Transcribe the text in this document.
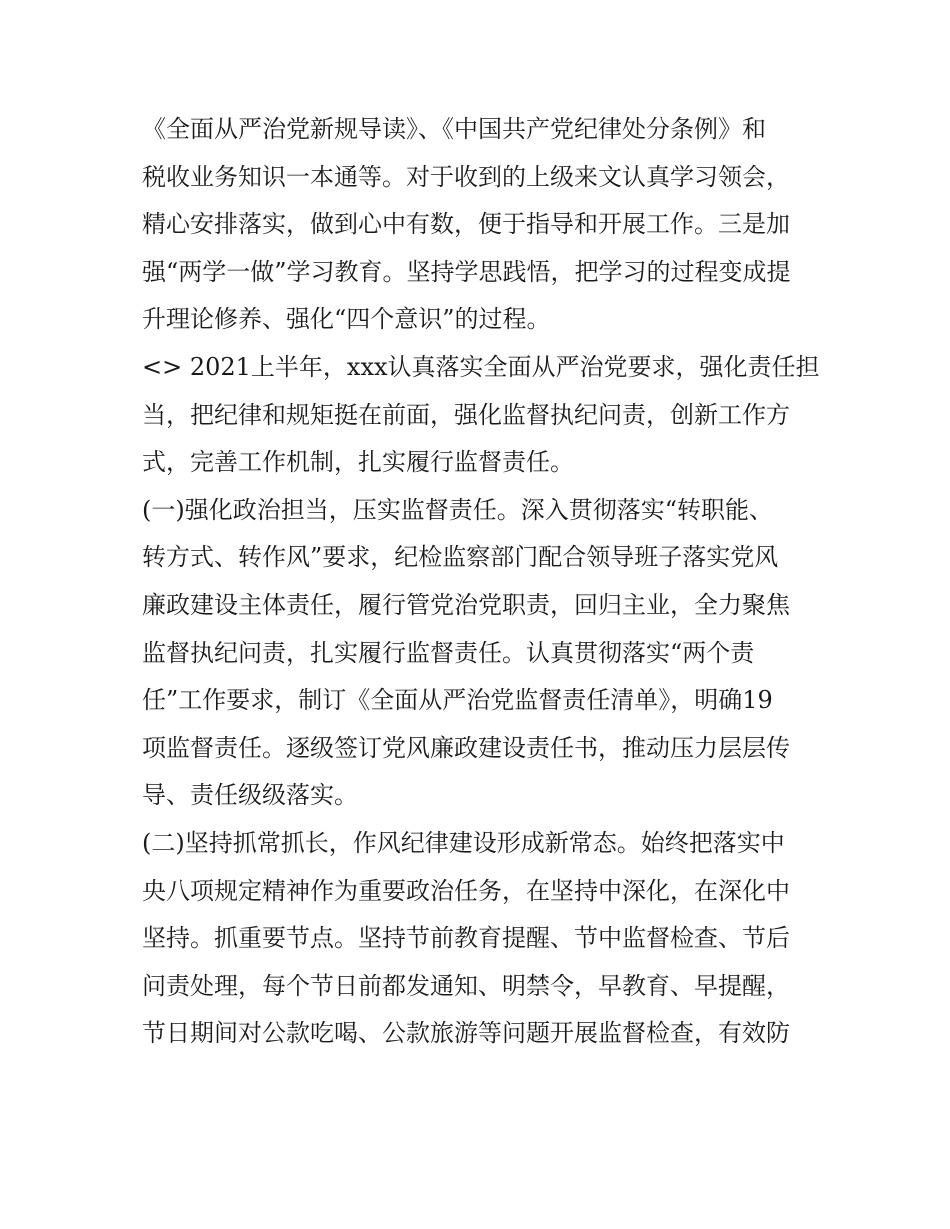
《全面从严治党新规导读》、《中国共产党纪律处分条例》和
税收业务知识一本通等。对于收到的上级来文认真学习领会，
精心安排落实，做到心中有数，便于指导和开展工作。三是加
强“两学一做”学习教育。坚持学思践悟，把学习的过程变成提
升理论修养、强化“四个意识”的过程。
<> 2021上半年，xxx认真落实全面从严治党要求，强化责任担
当，把纪律和规矩挺在前面，强化监督执纪问责，创新工作方
式，完善工作机制，扎实履行监督责任。
(一)强化政治担当，压实监督责任。深入贯彻落实“转职能、
转方式、转作风”要求，纪检监察部门配合领导班子落实党风
廉政建设主体责任，履行管党治党职责，回归主业，全力聚焦
监督执纪问责，扎实履行监督责任。认真贯彻落实“两个责
任”工作要求，制订《全面从严治党监督责任清单》，明确19
项监督责任。逐级签订党风廉政建设责任书，推动压力层层传
导、责任级级落实。
(二)坚持抓常抓长，作风纪律建设形成新常态。始终把落实中
央八项规定精神作为重要政治任务，在坚持中深化，在深化中
坚持。抓重要节点。坚持节前教育提醒、节中监督检查、节后
问责处理，每个节日前都发通知、明禁令，早教育、早提醒，
节日期间对公款吃喝、公款旅游等问题开展监督检查，有效防
